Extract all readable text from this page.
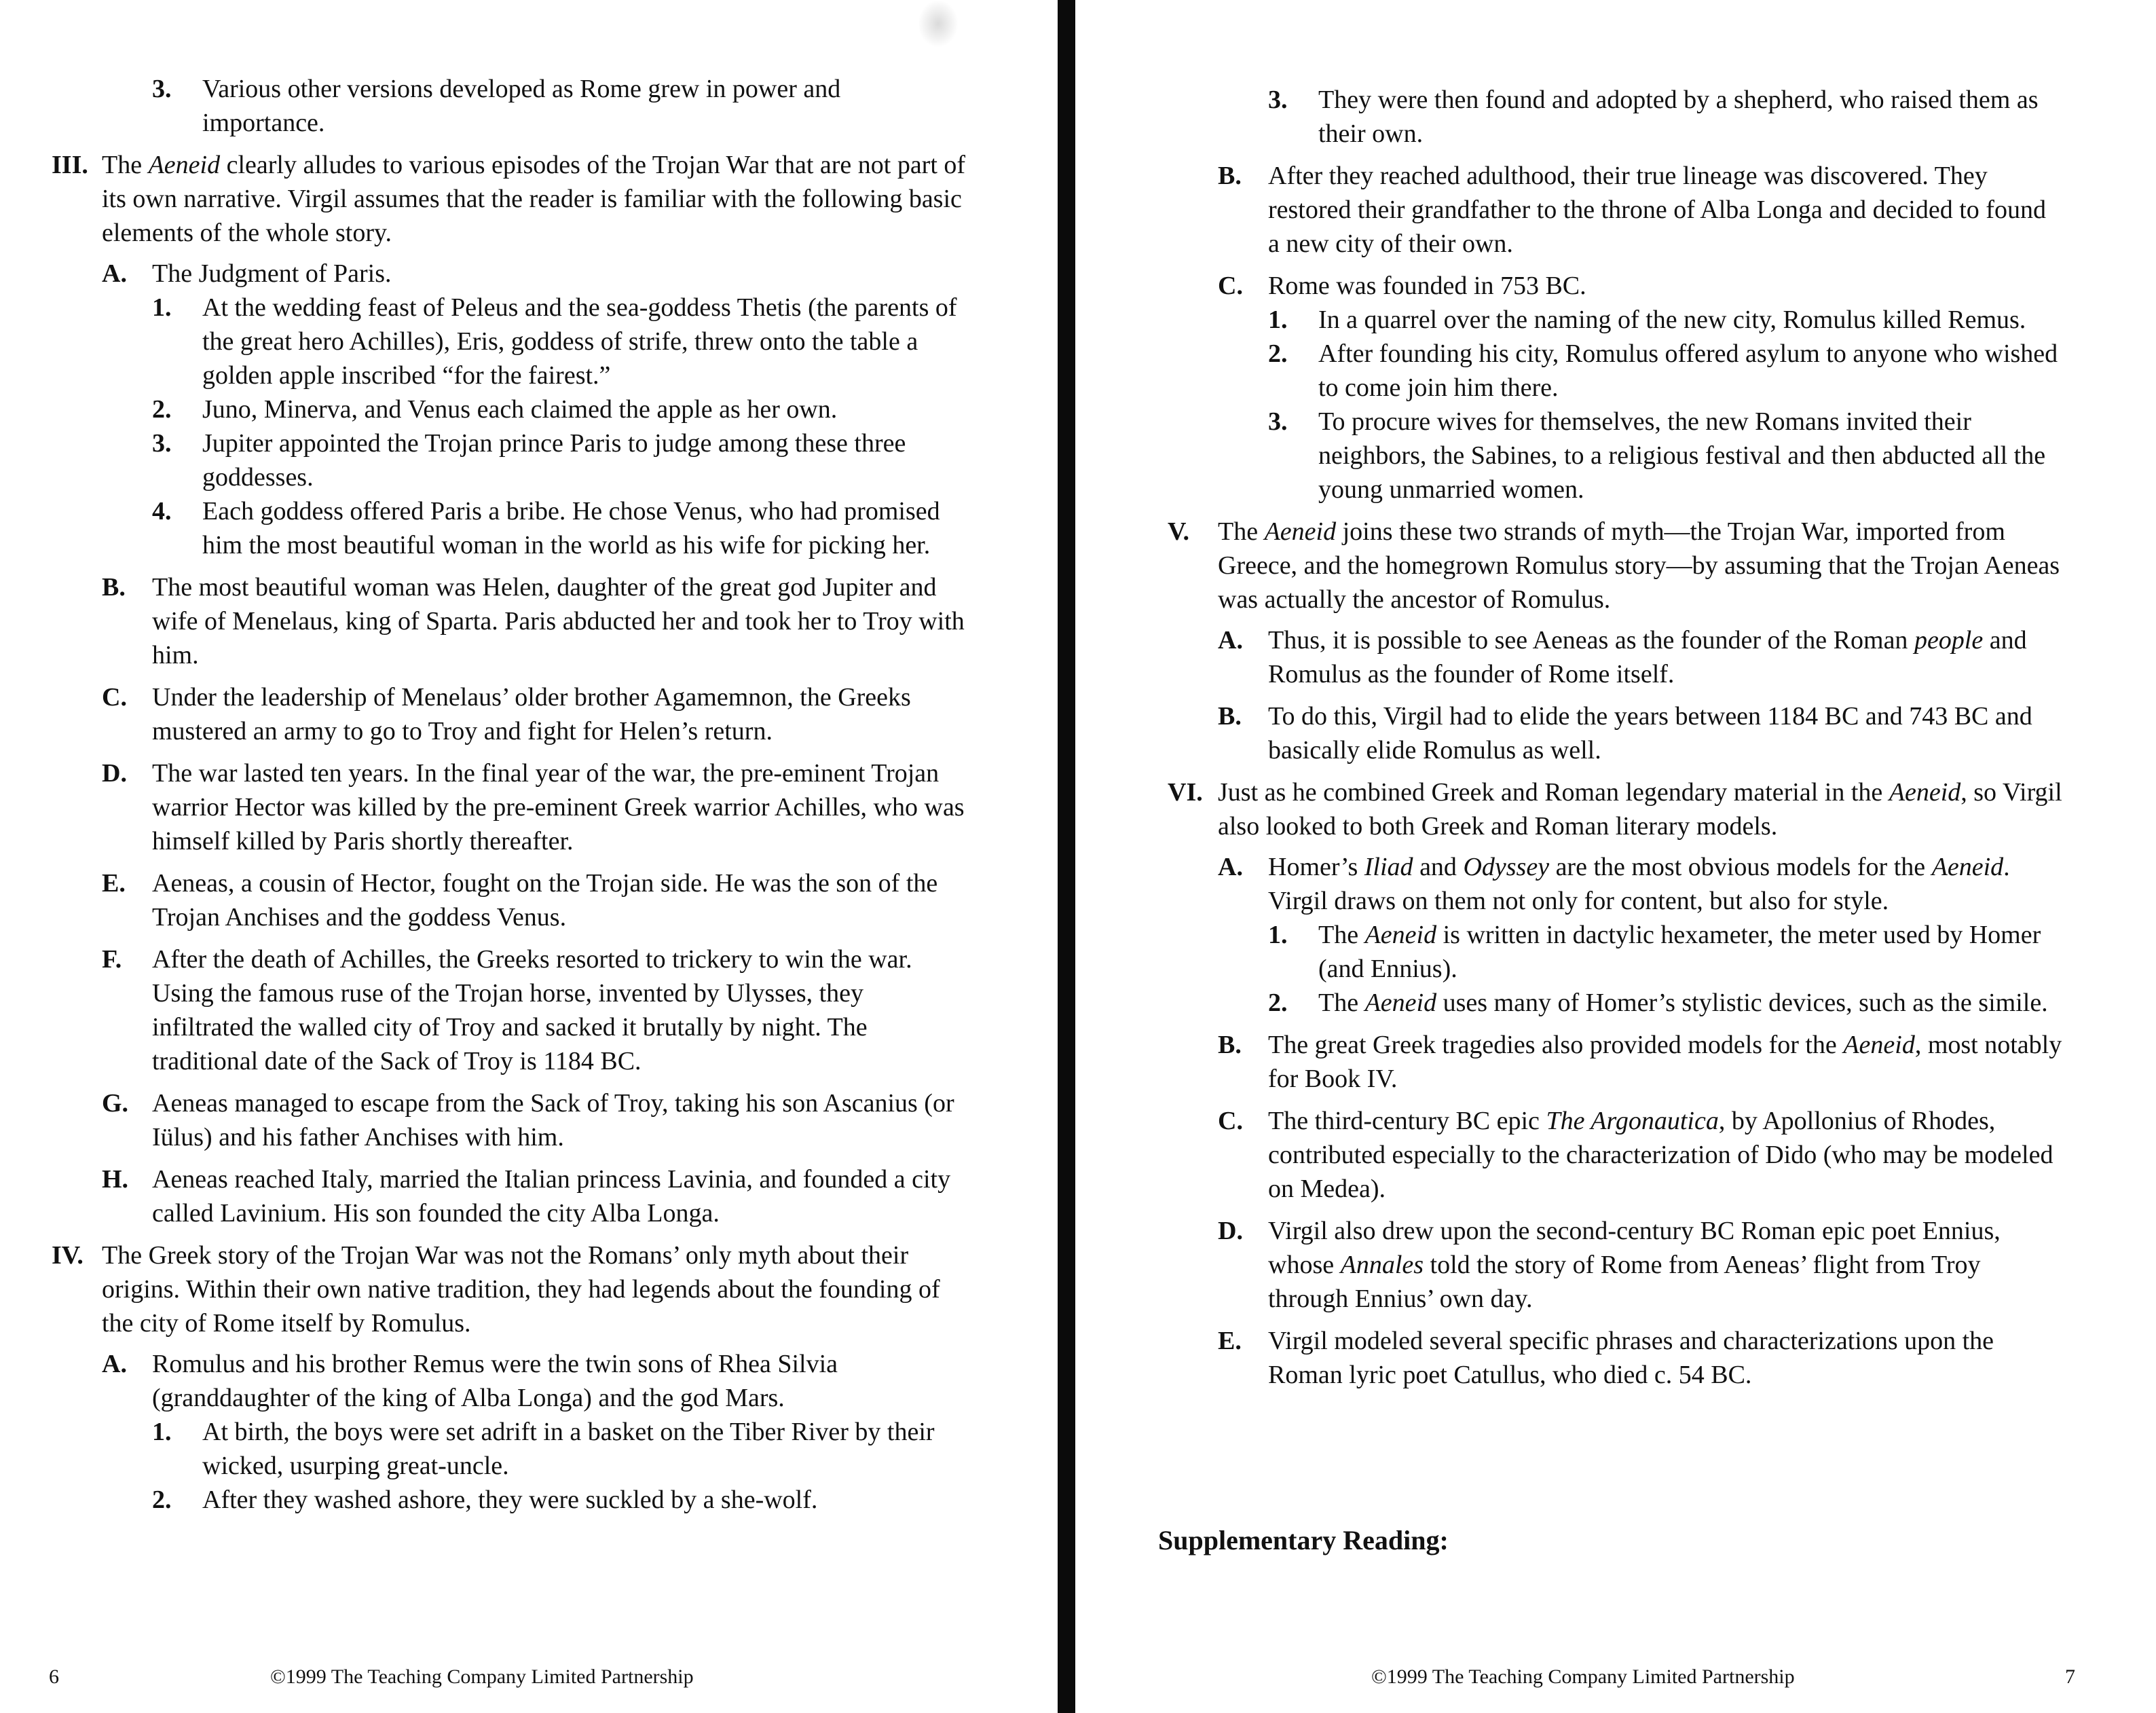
3.	Various other versions developed as Rome grew in power and importance.
III. The Aeneid clearly alludes to various episodes of the Trojan War that are not part of its own narrative. Virgil assumes that the reader is familiar with the following basic elements of the whole story.
A. The Judgment of Paris.
1.	At the wedding feast of Peleus and the sea-goddess Thetis (the parents of the great hero Achilles), Eris, goddess of strife, threw onto the table a golden apple inscribed “for the fairest.”
2.	Juno, Minerva, and Venus each claimed the apple as her own.
3.	Jupiter appointed the Trojan prince Paris to judge among these three goddesses.
4.	Each goddess offered Paris a bribe. He chose Venus, who had promised him the most beautiful woman in the world as his wife for picking her.
B.	The most beautiful woman was Helen, daughter of the great god Jupiter and wife of Menelaus, king of Sparta. Paris abducted her and took her to Troy with him.
C. Under the leadership of Menelaus’ older brother Agamemnon, the Greeks mustered an army to go to Troy and fight for Helen’s return.
D. The war lasted ten years. In the final year of the war, the pre-eminent Trojan warrior Hector was killed by the pre-eminent Greek warrior Achilles, who was himself killed by Paris shortly thereafter.
E.	Aeneas, a cousin of Hector, fought on the Trojan side. He was the son of the Trojan Anchises and the goddess Venus.
F.	After the death of Achilles, the Greeks resorted to trickery to win the war. Using the famous ruse of the Trojan horse, invented by Ulysses, they infiltrated the walled city of Troy and sacked it brutally by night. The traditional date of the Sack of Troy is 1184 BC.
G. Aeneas managed to escape from the Sack of Troy, taking his son Ascanius (or Iülus) and his father Anchises with him.
H. Aeneas reached Italy, married the Italian princess Lavinia, and founded a city called Lavinium. His son founded the city Alba Longa.
IV. The Greek story of the Trojan War was not the Romans’ only myth about their origins. Within their own native tradition, they had legends about the founding of the city of Rome itself by Romulus.
A. Romulus and his brother Remus were the twin sons of Rhea Silvia (granddaughter of the king of Alba Longa) and the god Mars.
1.	At birth, the boys were set adrift in a basket on the Tiber River by their wicked, usurping great-uncle.
2.	After they washed ashore, they were suckled by a she-wolf.
6	©1999 The Teaching Company Limited Partnership
3.	They were then found and adopted by a shepherd, who raised them as their own.
B.	After they reached adulthood, their true lineage was discovered. They restored their grandfather to the throne of Alba Longa and decided to found a new city of their own.
C. Rome was founded in 753 BC.
1.	In a quarrel over the naming of the new city, Romulus killed Remus.
2.	After founding his city, Romulus offered asylum to anyone who wished to come join him there.
3.	To procure wives for themselves, the new Romans invited their neighbors, the Sabines, to a religious festival and then abducted all the young unmarried women.
V.	The Aeneid joins these two strands of myth—the Trojan War, imported from Greece, and the homegrown Romulus story—by assuming that the Trojan Aeneas was actually the ancestor of Romulus.
A. Thus, it is possible to see Aeneas as the founder of the Roman people and Romulus as the founder of Rome itself.
B.	To do this, Virgil had to elide the years between 1184 BC and 743 BC and basically elide Romulus as well.
VI. Just as he combined Greek and Roman legendary material in the Aeneid, so Virgil also looked to both Greek and Roman literary models.
A. Homer’s Iliad and Odyssey are the most obvious models for the Aeneid. Virgil draws on them not only for content, but also for style.
1.	The Aeneid is written in dactylic hexameter, the meter used by Homer (and Ennius).
2.	The Aeneid uses many of Homer’s stylistic devices, such as the simile.
B.	The great Greek tragedies also provided models for the Aeneid, most notably for Book IV.
C. The third-century BC epic The Argonautica, by Apollonius of Rhodes, contributed especially to the characterization of Dido (who may be modeled on Medea).
D. Virgil also drew upon the second-century BC Roman epic poet Ennius, whose Annales told the story of Rome from Aeneas’ flight from Troy through Ennius’ own day.
E.	Virgil modeled several specific phrases and characterizations upon the Roman lyric poet Catullus, who died c. 54 BC.
Supplementary Reading:
©1999 The Teaching Company Limited Partnership	7
